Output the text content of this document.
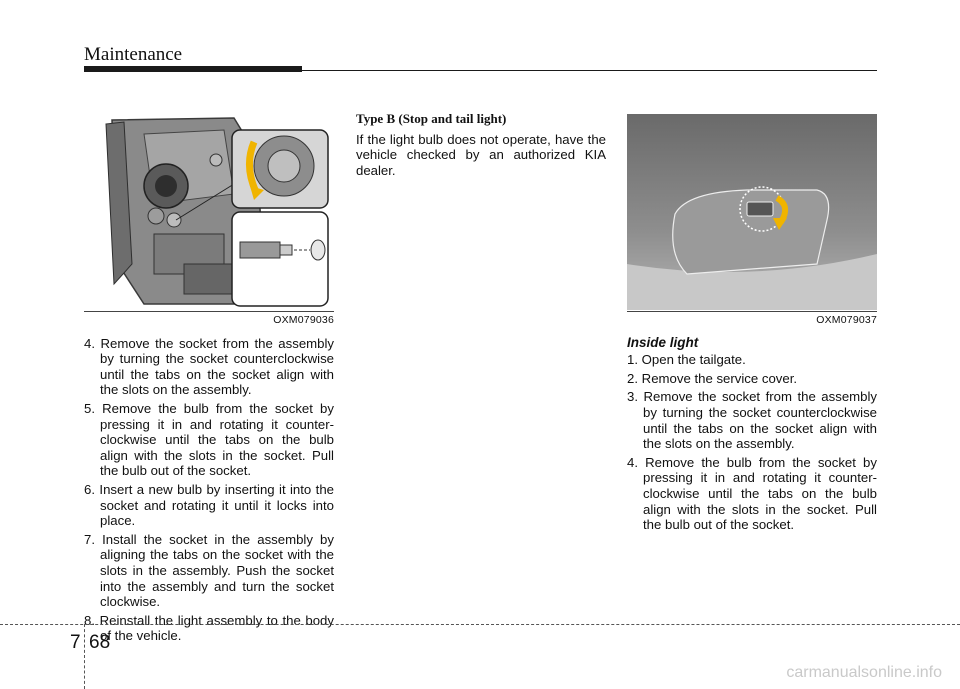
Maintenance
OXM079036
4. Remove the socket from the assembly by turning the socket counterclockwise until the tabs on the socket align with the slots on the assembly.
5. Remove the bulb from the socket by pressing it in and rotating it counter-clockwise until the tabs on the bulb align with the slots in the socket. Pull the bulb out of the socket.
6. Insert a new bulb by inserting it into the socket and rotating it until it locks into place.
7. Install the socket in the assembly by aligning the tabs on the socket with the slots in the assembly. Push the socket into the assembly and turn the socket clockwise.
8. Reinstall the light assembly to the body of the vehicle.
Type B (Stop and tail light)

If the light bulb does not operate, have the vehicle checked by an authorized KIA dealer.

OXM079037
Inside light
1. Open the tailgate.
2. Remove the service cover.
3. Remove the socket from the assembly by turning the socket counterclockwise until the tabs on the socket align with the slots on the assembly.
4. Remove the bulb from the socket by pressing it in and rotating it counter-clockwise until the tabs on the bulb align with the slots in the socket. Pull the bulb out of the socket.
7 68
carmanualsonline.info
